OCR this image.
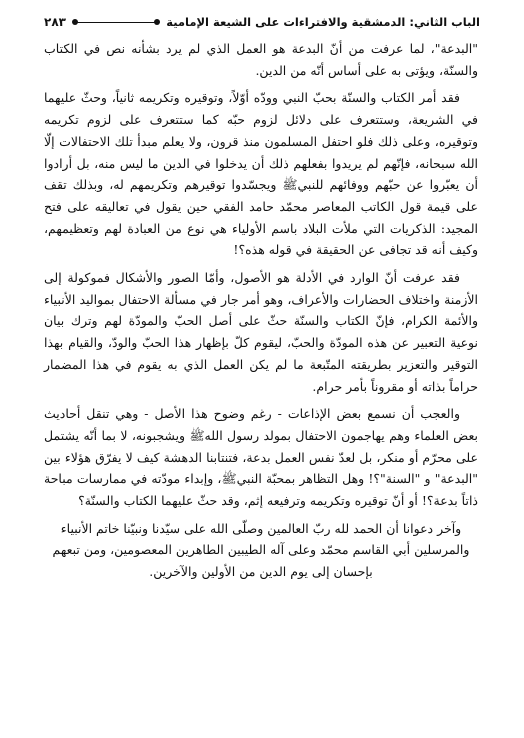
الباب الثاني: الدمشقية والافتراءات على الشيعة الإمامية
٢٨٣

"البدعة"، لما عرفت من أنّ البدعة هو العمل الذي لم يرد بشأنه نص في الكتاب والسنّة، ويؤتى به على أساس أنّه من الدين.

فقد أمر الكتاب والسنّة بحبّ النبي وودّه أوّلاً، وتوقيره وتكريمه ثانياً، وحثّ عليهما في الشريعة، وستتعرف على دلائل لزوم حبّه كما ستتعرف على لزوم تكريمه وتوقيره، وعلى ذلك فلو احتفل المسلمون منذ قرون، ولا يعلم مبدأ تلك الاحتفالات إلّا الله سبحانه، فإنّهم لم يريدوا بفعلهم ذلك أن يدخلوا في الدين ما ليس منه، بل أرادوا أن يعبّروا عن حبّهم ووفائهم للنبيﷺ ويجسّدوا توقيرهم وتكريمهم له، وبذلك تقف على قيمة قول الكاتب المعاصر محمّد حامد الفقي حين يقول في تعاليقه على فتح المجيد: الذكريات التي ملأت البلاد باسم الأولياء هي نوع من العبادة لهم وتعظيمهم، وكيف أنه قد تجافى عن الحقيقة في قوله هذه؟!

فقد عرفت أنّ الوارد في الأدلة هو الأصول، وأمّا الصور والأشكال فموكولة إلى الأزمنة واختلاف الحضارات والأعراف، وهو أمر جار في مسألة الاحتفال بمواليد الأنبياء والأئمة الكرام، فإنّ الكتاب والسنّة حثّ على أصل الحبّ والمودّة لهم وترك بيان نوعية التعبير عن هذه المودّة والحبّ، ليقوم كلّ بإظهار هذا الحبّ والودّ، والقيام بهذا التوقير والتعزير بطريقته المتّبعة ما لم يكن العمل الذي به يقوم في هذا المضمار حراماً بذاته أو مقروناً بأمر حرام.

والعجب أن نسمع بعض الإذاعات - رغم وضوح هذا الأصل - وهي تنقل أحاديث بعض العلماء وهم يهاجمون الاحتفال بمولد رسول اللهﷺ ويشجبونه، لا بما أنّه يشتمل على محرّم أو منكر، بل لعدّ نفس العمل بدعة، فتنتابنا الدهشة كيف لا يفرّق هؤلاء بين "البدعة" و "السنة"؟! وهل التظاهر بمحبّة النبيﷺ، وإبداء مودّته في ممارسات مباحة ذاتاً بدعة؟! أو أنّ توقيره وتكريمه وترفيعه إثم، وقد حثّ عليهما الكتاب والسنّة؟

وآخر دعوانا أن الحمد لله ربّ العالمين وصلّى الله على سيّدنا ونبيّنا خاتم الأنبياء والمرسلين أبي القاسم محمّد وعلى آله الطيبين الطاهرين المعصومين، ومن تبعهم بإحسان إلى يوم الدين من الأولين والآخرين.
